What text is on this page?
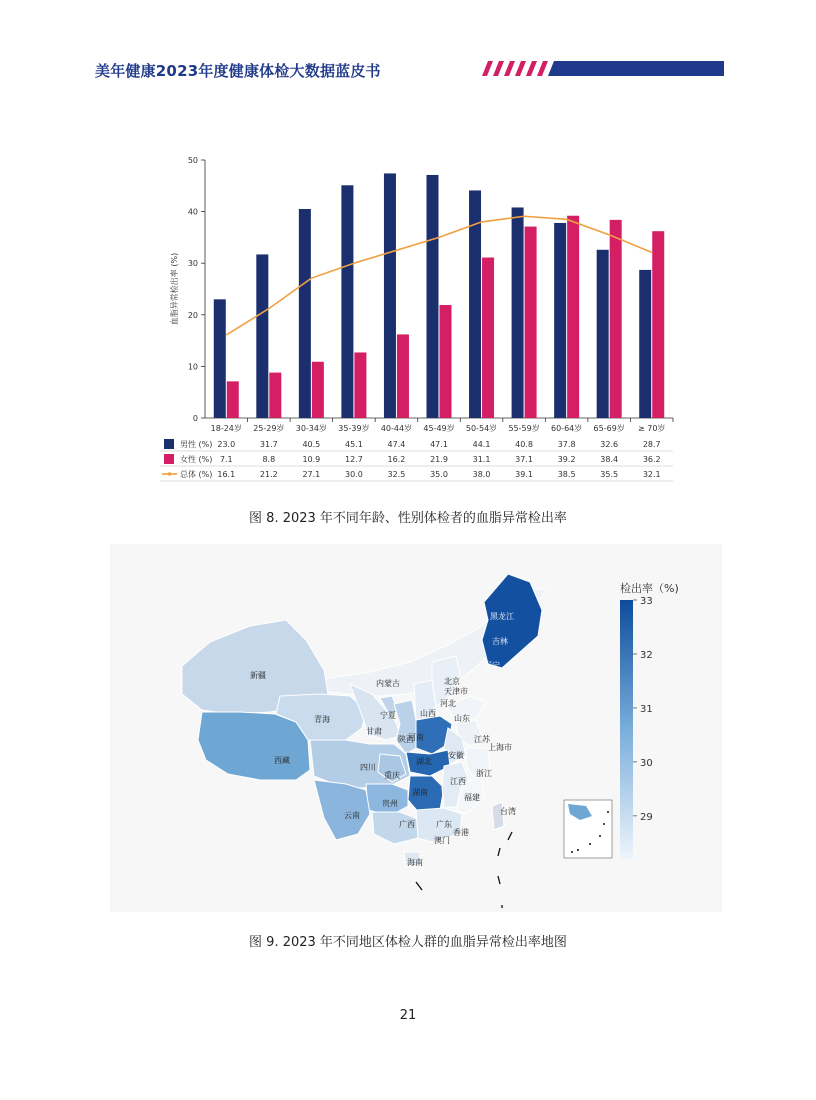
美年健康2023年度健康体检大数据蓝皮书
0
10
20
30
40
50
血脂异常检出率 (%)
18-24岁 25-29岁 30-34岁 35-39岁 40-44岁 45-49岁 50-54岁 55-59岁 60-64岁 65-69岁 ≥ 70岁
男性 (%) 23.0	31.7	40.5	45.1	47.4	47.1	44.1	40.8	37.8	32.6	28.7
女性 (%) 7.1	8.8	10.9	12.7	16.2	21.9	31.1	37.1	39.2	38.4	36.2
总体 (%) 16.1	21.2	27.1	30.0	32.5	35.0	38.0	39.1	38.5	35.5	32.1
图 8. 2023 年不同年龄、性别体检者的血脂异常检出率
黑龙江
吉林
辽宁
内蒙古	北京
天津市
河北
山西
山东
新疆
青海	宁夏
甘肃
陕西
河南	江苏
上海市
安徽
西藏
四川
湖北
重庆	浙江
江西
湖南
贵州
福建
云南
广西	广东
台湾
香港
澳门
海南
检出率（%)
33
32
31
30
29
图 9. 2023 年不同地区体检人群的血脂异常检出率地图
21
